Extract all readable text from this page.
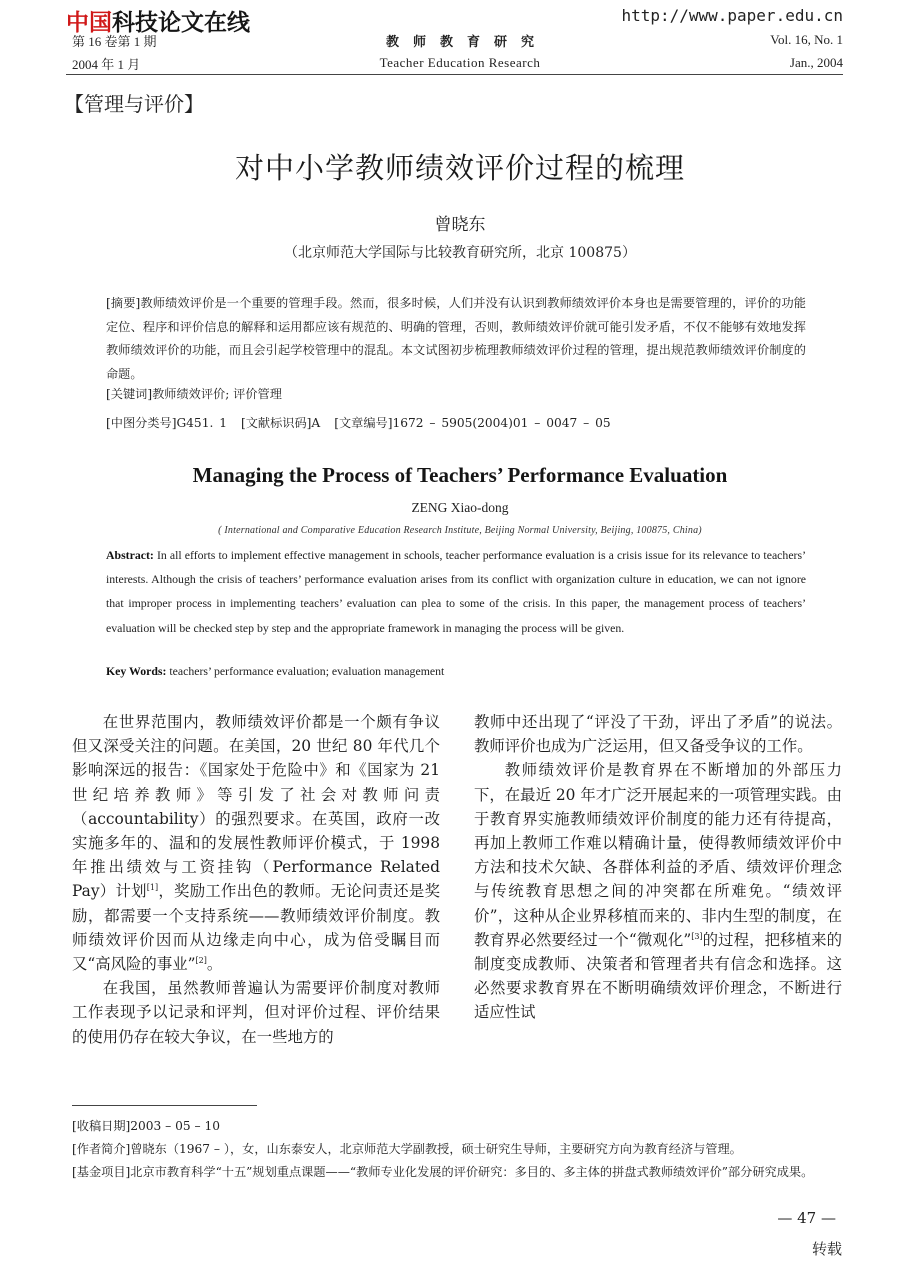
中国科技论文在线	http://www.paper.edu.cn
第 16 卷第 1 期	教师教育研究	Vol. 16, No. 1
2004 年 1 月	Teacher Education Research	Jan., 2004
【管理与评价】
对中小学教师绩效评价过程的梳理
曾晓东
（北京师范大学国际与比较教育研究所，北京 100875）

[摘要]教师绩效评价是一个重要的管理手段。然而，很多时候，人们并没有认识到教师绩效评价本身也是需要管理的，评价的功能定位、程序和评价信息的解释和运用都应该有规范的、明确的管理，否则，教师绩效评价就可能引发矛盾，不仅不能够有效地发挥教师绩效评价的功能，而且会引起学校管理中的混乱。本文试图初步梳理教师绩效评价过程的管理，提出规范教师绩效评价制度的命题。

[关键词]教师绩效评价; 评价管理
[中图分类号]G451. 1 [文献标识码]A [文章编号]1672 – 5905(2004)01 – 0047 – 05
Managing the Process of Teachers’ Performance Evaluation
ZENG Xiao-dong
( International and Comparative Education Research Institute, Beijing Normal University, Beijing, 100875, China)
Abstract: In all efforts to implement effective management in schools, teacher performance evaluation is a crisis issue for its relevance to teachers’ interests. Although the crisis of teachers’ performance evaluation arises from its conflict with organization culture in education, we can not ignore that improper process in implementing teachers’ evaluation can plea to some of the crisis. In this paper, the management process of teachers’ evaluation will be checked step by step and the appropriate framework in managing the process will be given.
Key Words: teachers’ performance evaluation; evaluation management

在世界范围内，教师绩效评价都是一个颇有争议但又深受关注的问题。在美国，20 世纪 80 年代几个影响深远的报告：《国家处于危险中》和《国家为 21 世纪培养教师》等引发了社会对教师问责（accountability）的强烈要求。在英国，政府一改实施多年的、温和的发展性教师评价模式，于 1998 年推出绩效与工资挂钩（Performance Related Pay）计划[1]，奖励工作出色的教师。无论问责还是奖励，都需要一个支持系统——教师绩效评价制度。教师绩效评价因而从边缘走向中心，成为倍受瞩目而又“高风险的事业”[2]。

在我国，虽然教师普遍认为需要评价制度对教师工作表现予以记录和评判，但对评价过程、评价结果的使用仍存在较大争议，在一些地方的

教师中还出现了“评没了干劲，评出了矛盾”的说法。教师评价也成为广泛运用，但又备受争议的工作。

教师绩效评价是教育界在不断增加的外部压力下，在最近 20 年才广泛开展起来的一项管理实践。由于教育界实施教师绩效评价制度的能力还有待提高，再加上教师工作难以精确计量，使得教师绩效评价中方法和技术欠缺、各群体利益的矛盾、绩效评价理念与传统教育思想之间的冲突都在所难免。“绩效评价”，这种从企业界移植而来的、非内生型的制度，在教育界必然要经过一个“微观化”[3]的过程，把移植来的制度变成教师、决策者和管理者共有信念和选择。这必然要求教育界在不断明确绩效评价理念，不断进行适应性试

[收稿日期]2003 – 05 – 10
[作者简介]曾晓东（1967 – ），女，山东泰安人，北京师范大学副教授，硕士研究生导师，主要研究方向为教育经济与管理。
[基金项目]北京市教育科学“十五”规划重点课题——“教师专业化发展的评价研究：多目的、多主体的拼盘式教师绩效评价”部分研究成果。
— 47 —
转载
